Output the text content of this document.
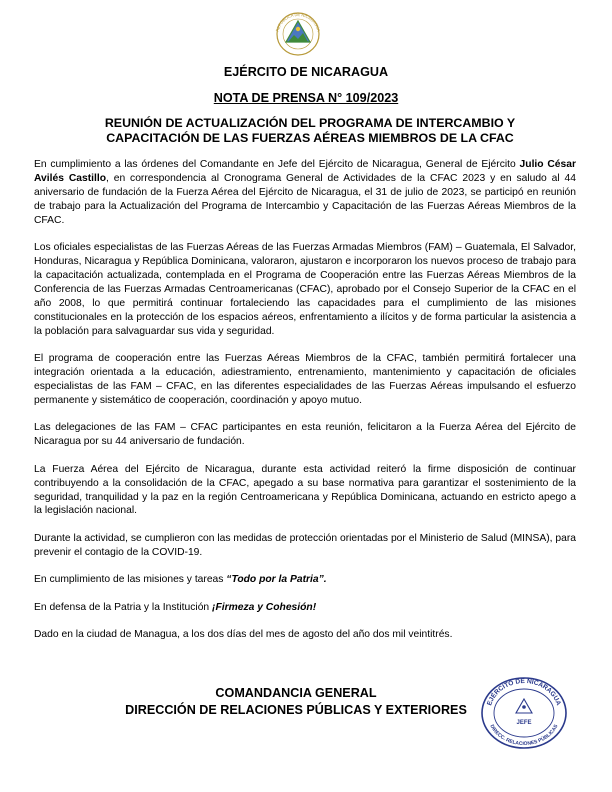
REPÚBLICA DE NICARAGUA
EJÉRCITO DE NICARAGUA
NOTA DE PRENSA N° 109/2023
REUNIÓN DE ACTUALIZACIÓN DEL PROGRAMA DE INTERCAMBIO Y
CAPACITACIÓN DE LAS FUERZAS AÉREAS MIEMBROS DE LA CFAC

En cumplimiento a las órdenes del Comandante en Jefe del Ejército de Nicaragua, General de Ejército Julio César Avilés Castillo, en correspondencia al Cronograma General de Actividades de la CFAC 2023 y en saludo al 44 aniversario de fundación de la Fuerza Aérea del Ejército de Nicaragua, el 31 de julio de 2023, se participó en reunión de trabajo para la Actualización del Programa de Intercambio y Capacitación de las Fuerzas Aéreas Miembros de la CFAC.

Los oficiales especialistas de las Fuerzas Aéreas de las Fuerzas Armadas Miembros (FAM) – Guatemala, El Salvador, Honduras, Nicaragua y República Dominicana, valoraron, ajustaron e incorporaron los nuevos proceso de trabajo para la capacitación actualizada, contemplada en el Programa de Cooperación entre las Fuerzas Aéreas Miembros de la Conferencia de las Fuerzas Armadas Centroamericanas (CFAC), aprobado por el Consejo Superior de la CFAC en el año 2008, lo que permitirá continuar fortaleciendo las capacidades para el cumplimiento de las misiones constitucionales en la protección de los espacios aéreos, enfrentamiento a ilícitos y de forma particular la asistencia a la población para salvaguardar sus vida y seguridad.

El programa de cooperación entre las Fuerzas Aéreas Miembros de la CFAC, también permitirá fortalecer una integración orientada a la educación, adiestramiento, entrenamiento, mantenimiento y capacitación de oficiales especialistas de las FAM – CFAC, en las diferentes especialidades de las Fuerzas Aéreas impulsando el esfuerzo permanente y sistemático de cooperación, coordinación y apoyo mutuo.

Las delegaciones de las FAM – CFAC participantes en esta reunión, felicitaron a la Fuerza Aérea del Ejército de Nicaragua por su 44 aniversario de fundación.

La Fuerza Aérea del Ejército de Nicaragua, durante esta actividad reiteró la firme disposición de continuar contribuyendo a la consolidación de la CFAC, apegado a su base normativa para garantizar el sostenimiento de la seguridad, tranquilidad y la paz en la región Centroamericana y República Dominicana, actuando en estricto apego a la legislación nacional.

Durante la actividad, se cumplieron con las medidas de protección orientadas por el Ministerio de Salud (MINSA), para prevenir el contagio de la COVID-19.

En cumplimiento de las misiones y tareas “Todo por la Patria”.

En defensa de la Patria y la Institución ¡Firmeza y Cohesión!

Dado en la ciudad de Managua, a los dos días del mes de agosto del año dos mil veintitrés.

COMANDANCIA GENERAL
DIRECCIÓN DE RELACIONES PÚBLICAS Y EXTERIORES	EJÉRCITO DE NICARAGUA
JEFE
DIRECC. RELACIONES PÚBLICAS
